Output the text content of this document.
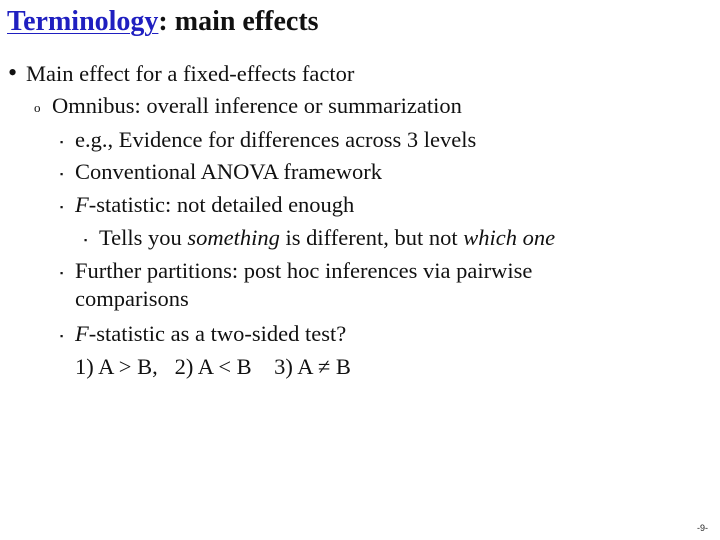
Terminology: main effects
• Main effect for a fixed-effects factor
o Omnibus: overall inference or summarization
▪ e.g., Evidence for differences across 3 levels
▪ Conventional ANOVA framework
▪ F-statistic: not detailed enough
▪ Tells you something is different, but not which one
▪ Further partitions: post hoc inferences via pairwise
comparisons
▪ F-statistic as a two-sided test?
1) A > B,   2) A < B    3) A ≠ B
-9-
